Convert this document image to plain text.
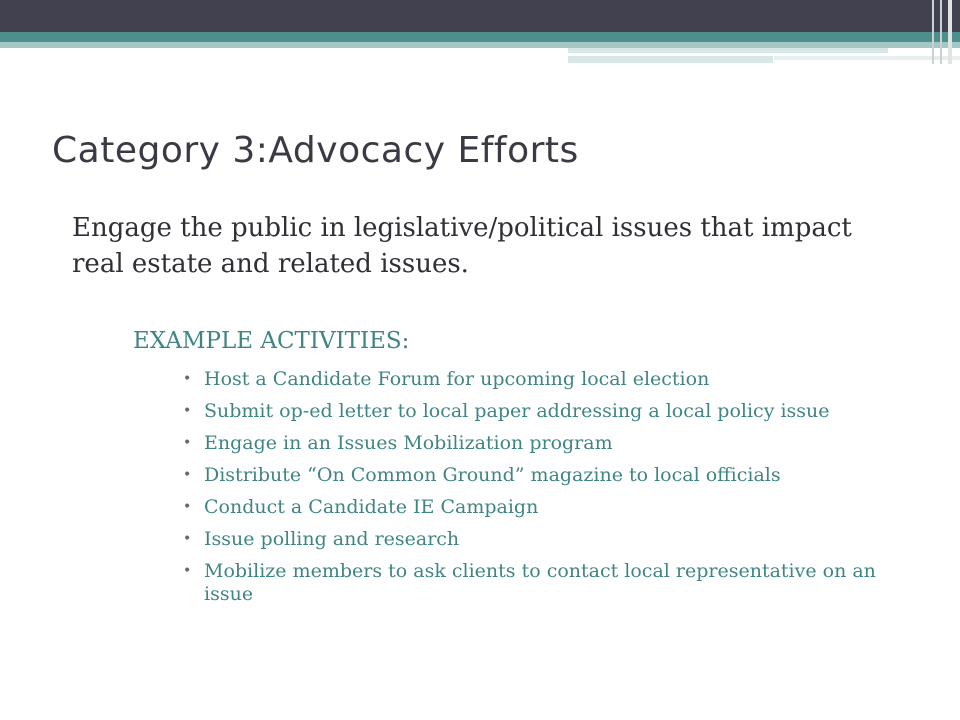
Category 3:Advocacy Efforts

Engage the public in legislative/political issues that impact real estate and related issues.

EXAMPLE ACTIVITIES:
• Host a Candidate Forum for upcoming local election
• Submit op-ed letter to local paper addressing a local policy issue
• Engage in an Issues Mobilization program
• Distribute “On Common Ground” magazine to local officials
• Conduct a Candidate IE Campaign
• Issue polling and research
• Mobilize members to ask clients to contact local representative on an issue
